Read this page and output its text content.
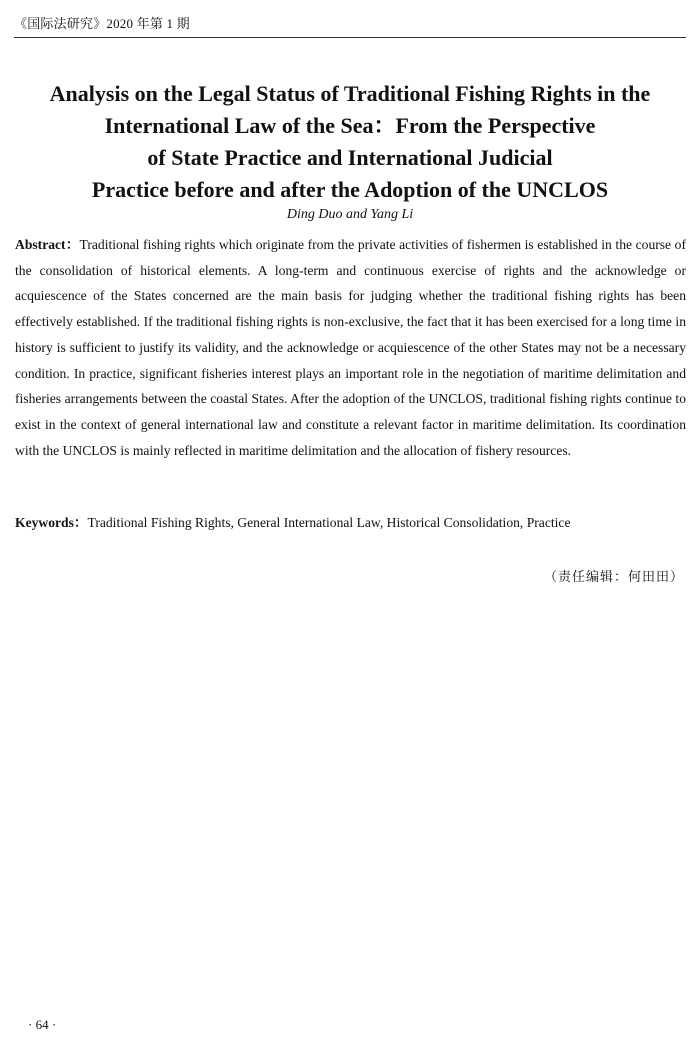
《国际法研究》2020 年第 1 期
Analysis on the Legal Status of Traditional Fishing Rights in the
International Law of the Sea：From the Perspective
of State Practice and International Judicial
Practice before and after the Adoption of the UNCLOS
Ding Duo and Yang Li
Abstract：Traditional fishing rights which originate from the private activities of fishermen is established in the course of the consolidation of historical elements. A long-term and continuous exercise of rights and the acknowledge or acquiescence of the States concerned are the main basis for judging whether the traditional fishing rights has been effectively established. If the traditional fishing rights is non-exclusive, the fact that it has been exercised for a long time in history is sufficient to justify its validity, and the acknowledge or acquiescence of the other States may not be a necessary condition. In practice, significant fisheries interest plays an important role in the negotiation of maritime delimitation and fisheries arrangements between the coastal States. After the adoption of the UNCLOS, traditional fishing rights continue to exist in the context of general international law and constitute a relevant factor in maritime delimitation. Its coordination with the UNCLOS is mainly reflected in maritime delimitation and the allocation of fishery resources.
Keywords：Traditional Fishing Rights, General International Law, Historical Consolidation, Practice
（责任编辑：何田田）
· 64 ·
